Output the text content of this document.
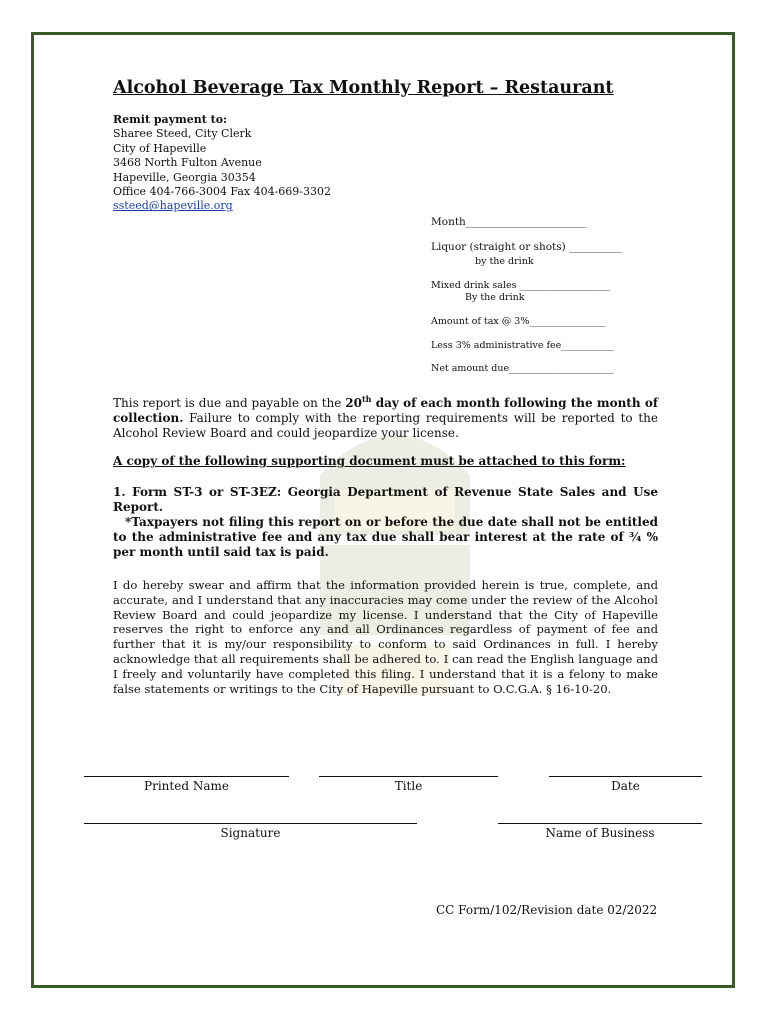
Alcohol Beverage Tax Monthly Report – Restaurant
Remit payment to:
Sharee Steed, City Clerk
City of Hapeville
3468 North Fulton Avenue
Hapeville, Georgia 30354
Office 404-766-3004 Fax 404-669-3302
ssteed@hapeville.org
Month_______________________
Liquor (straight or shots) __________
by the drink
Mixed drink sales ___________________
By the drink
Amount of tax @ 3%________________
Less 3% administrative fee___________
Net amount due______________________
This report is due and payable on the 20th day of each month following the month of collection. Failure to comply with the reporting requirements will be reported to the Alcohol Review Board and could jeopardize your license.
A copy of the following supporting document must be attached to this form:
1. Form ST-3 or ST-3EZ: Georgia Department of Revenue State Sales and Use Report.
*Taxpayers not filing this report on or before the due date shall not be entitled to the administrative fee and any tax due shall bear interest at the rate of ¾ % per month until said tax is paid.
I do hereby swear and affirm that the information provided herein is true, complete, and accurate, and I understand that any inaccuracies may come under the review of the Alcohol Review Board and could jeopardize my license. I understand that the City of Hapeville reserves the right to enforce any and all Ordinances regardless of payment of fee and further that it is my/our responsibility to conform to said Ordinances in full. I hereby acknowledge that all requirements shall be adhered to. I can read the English language and I freely and voluntarily have completed this filing. I understand that it is a felony to make false statements or writings to the City of Hapeville pursuant to O.C.G.A. § 16-10-20.
Printed Name	Title	Date
Signature	Name of Business
CC Form/102/Revision date 02/2022
